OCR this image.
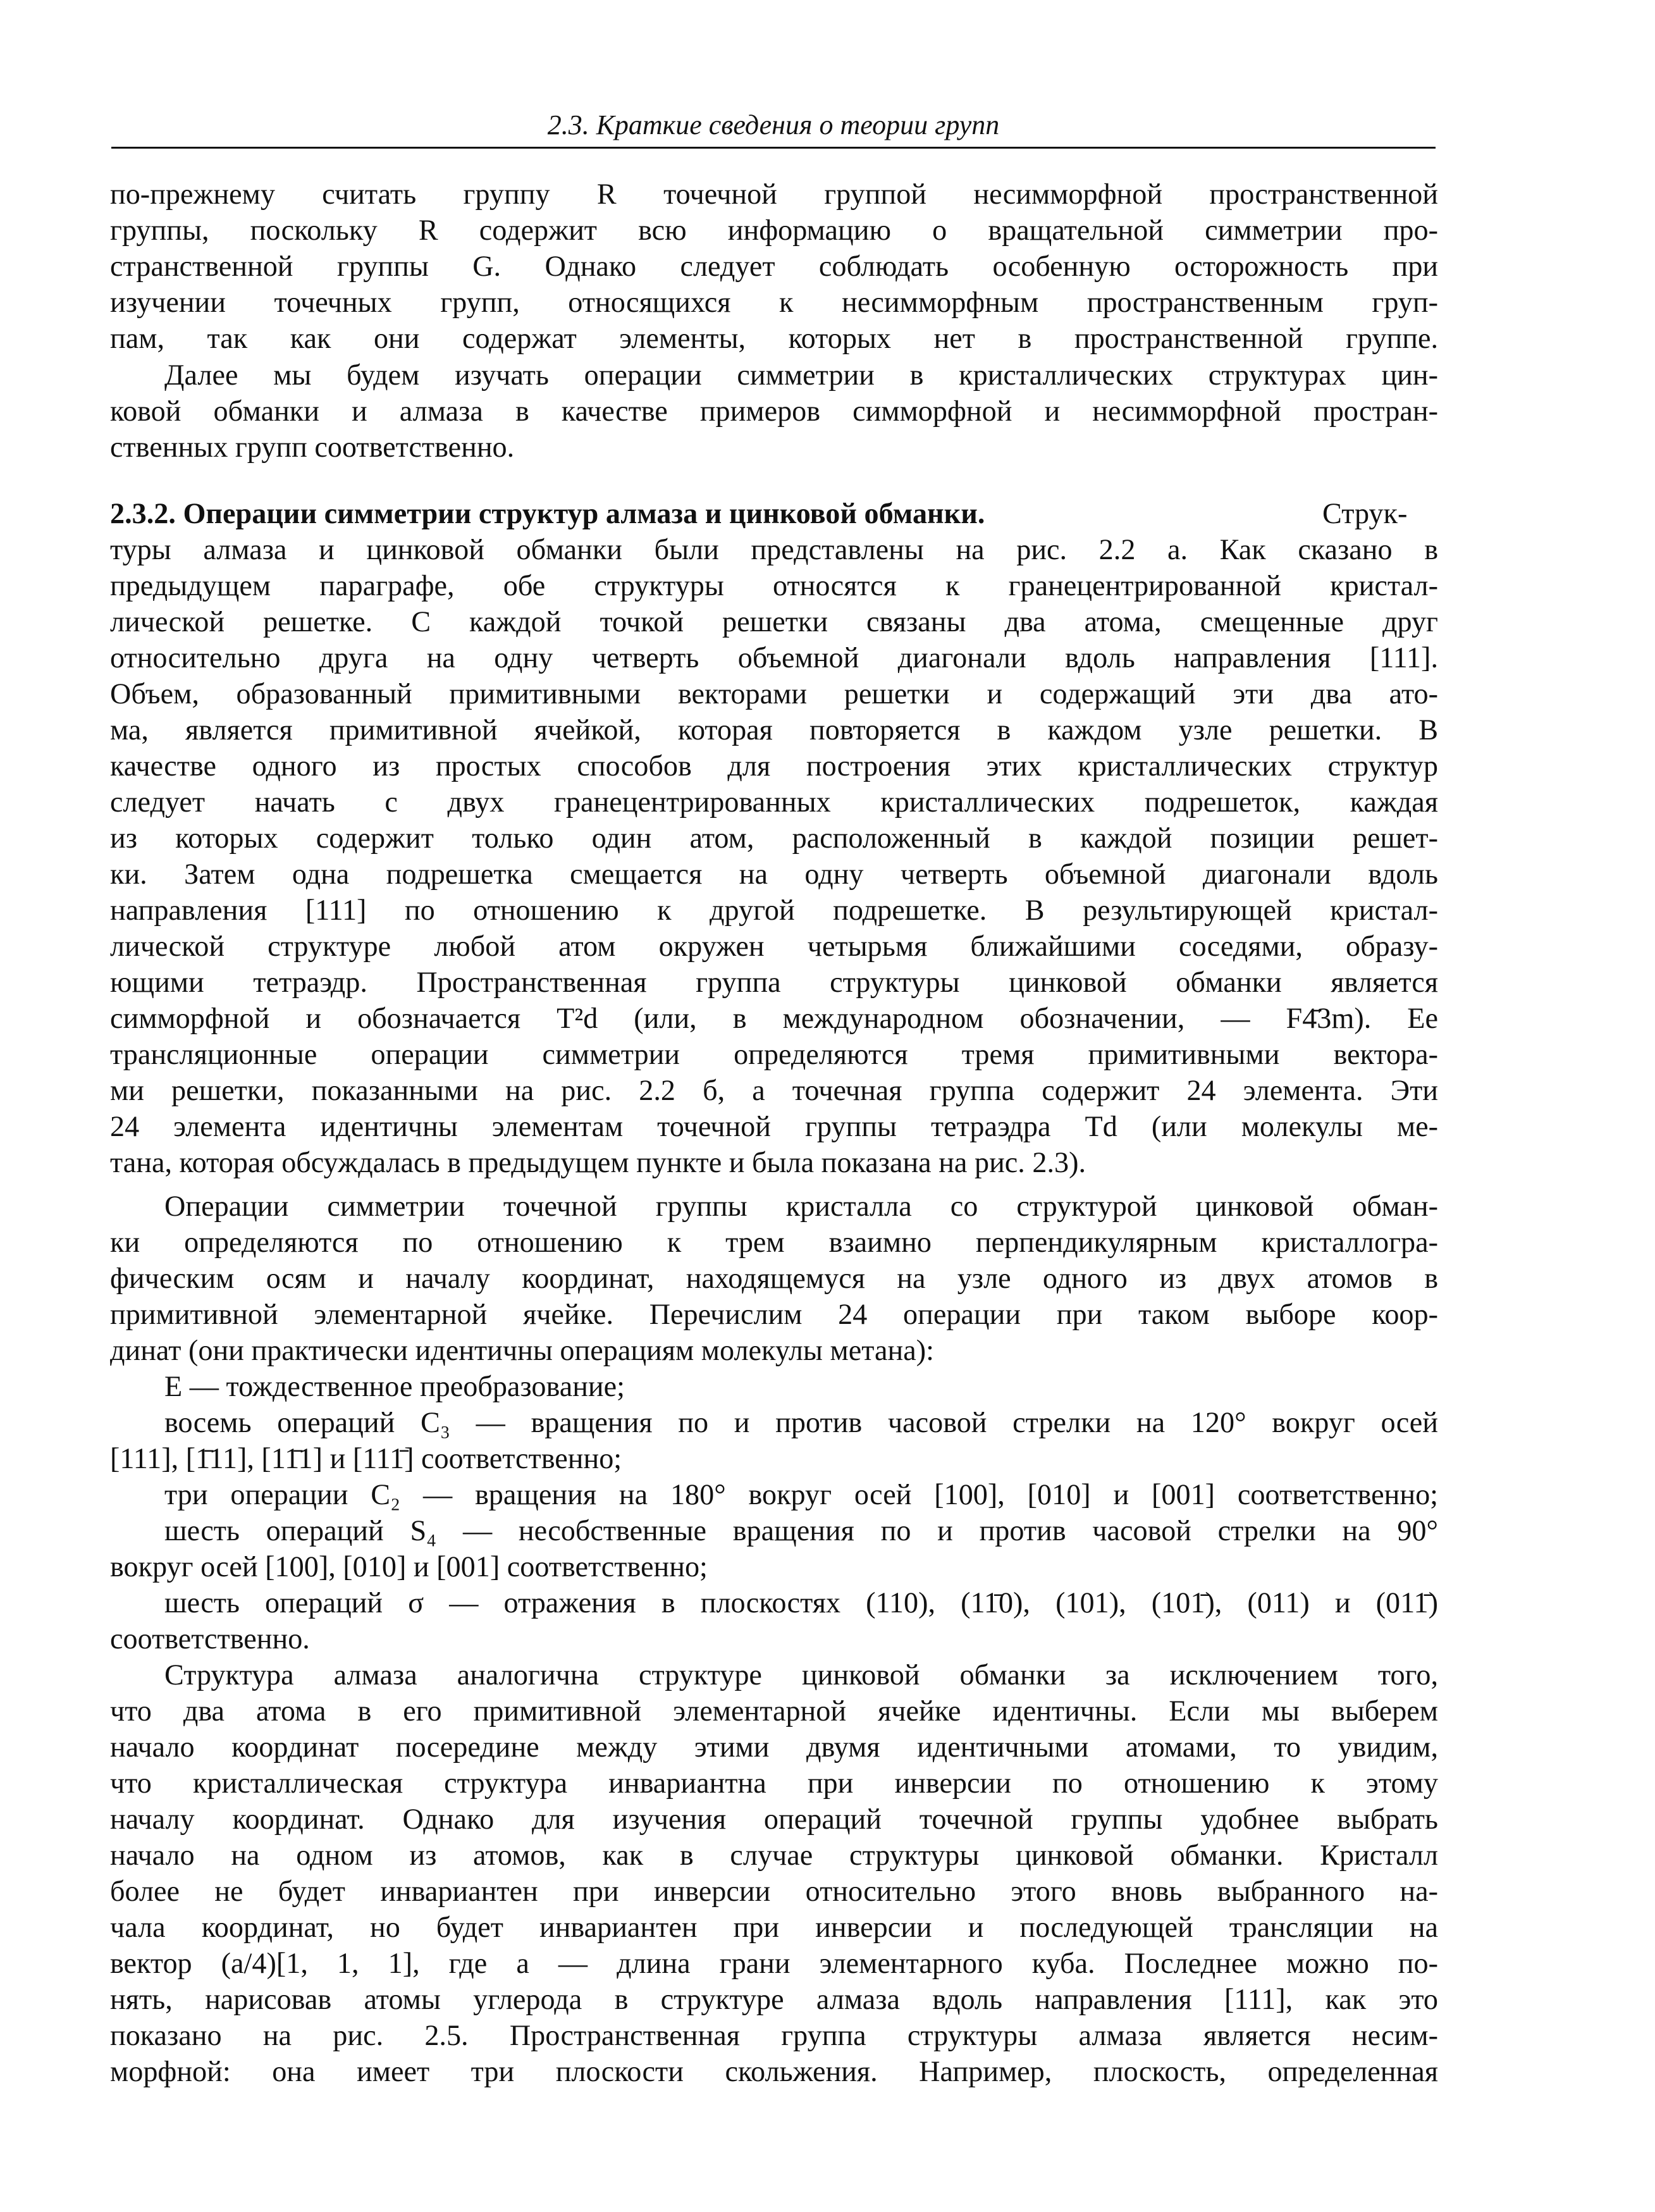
2.3. Краткие сведения о теории групп
по-прежнему считать группу R точечной группой несимморфной пространственной
группы, поскольку R содержит всю информацию о вращательной симметрии про-
странственной группы G. Однако следует соблюдать особенную осторожность при
изучении точечных групп, относящихся к несимморфным пространственным груп-
пам, так как они содержат элементы, которых нет в пространственной группе.
Далее мы будем изучать операции симметрии в кристаллических структурах цин-
ковой обманки и алмаза в качестве примеров симморфной и несимморфной простран-
ственных групп соответственно.
2.3.2. Операции симметрии структур алмаза и цинковой обманки.	Струк-
туры алмаза и цинковой обманки были представлены на рис. 2.2 а. Как сказано в
предыдущем параграфе, обе структуры относятся к гранецентрированной кристал-
лической решетке. С каждой точкой решетки связаны два атома, смещенные друг
относительно друга на одну четверть объемной диагонали вдоль направления [111].
Объем, образованный примитивными векторами решетки и содержащий эти два ато-
ма, является примитивной ячейкой, которая повторяется в каждом узле решетки. В
качестве одного из простых способов для построения этих кристаллических структур
следует начать с двух гранецентрированных кристаллических подрешеток, каждая
из которых содержит только один атом, расположенный в каждой позиции решет-
ки. Затем одна подрешетка смещается на одну четверть объемной диагонали вдоль
направления [111] по отношению к другой подрешетке. В результирующей кристал-
лической структуре любой атом окружен четырьмя ближайшими соседями, образу-
ющими тетраэдр. Пространственная группа структуры цинковой обманки является
симморфной и обозначается T²d (или, в международном обозначении, — F4̄3m). Ее
трансляционные операции симметрии определяются тремя примитивными вектора-
ми решетки, показанными на рис. 2.2 б, а точечная группа содержит 24 элемента. Эти
24 элемента идентичны элементам точечной группы тетраэдра Td (или молекулы ме-
тана, которая обсуждалась в предыдущем пункте и была показана на рис. 2.3).
Операции симметрии точечной группы кристалла со структурой цинковой обман-
ки определяются по отношению к трем взаимно перпендикулярным кристаллогра-
фическим осям и началу координат, находящемуся на узле одного из двух атомов в
примитивной элементарной ячейке. Перечислим 24 операции при таком выборе коор-
динат (они практически идентичны операциям молекулы метана):
E — тождественное преобразование;
восемь операций C₃ — вращения по и против часовой стрелки на 120° вокруг осей
[111], [1̄11], [11̄1] и [111̄] соответственно;
три операции C₂ — вращения на 180° вокруг осей [100], [010] и [001] соответственно;
шесть операций S₄ — несобственные вращения по и против часовой стрелки на 90°
вокруг осей [100], [010] и [001] соответственно;
шесть операций σ — отражения в плоскостях (110), (11̄0), (101), (101̄), (011) и (011̄)
соответственно.
Структура алмаза аналогична структуре цинковой обманки за исключением того,
что два атома в его примитивной элементарной ячейке идентичны. Если мы выберем
начало координат посередине между этими двумя идентичными атомами, то увидим,
что кристаллическая структура инвариантна при инверсии по отношению к этому
началу координат. Однако для изучения операций точечной группы удобнее выбрать
начало на одном из атомов, как в случае структуры цинковой обманки. Кристалл
более не будет инвариантен при инверсии относительно этого вновь выбранного на-
чала координат, но будет инвариантен при инверсии и последующей трансляции на
вектор (a/4)[1, 1, 1], где a — длина грани элементарного куба. Последнее можно по-
нять, нарисовав атомы углерода в структуре алмаза вдоль направления [111], как это
показано на рис. 2.5. Пространственная группа структуры алмаза является несим-
морфной: она имеет три плоскости скольжения. Например, плоскость, определенная
